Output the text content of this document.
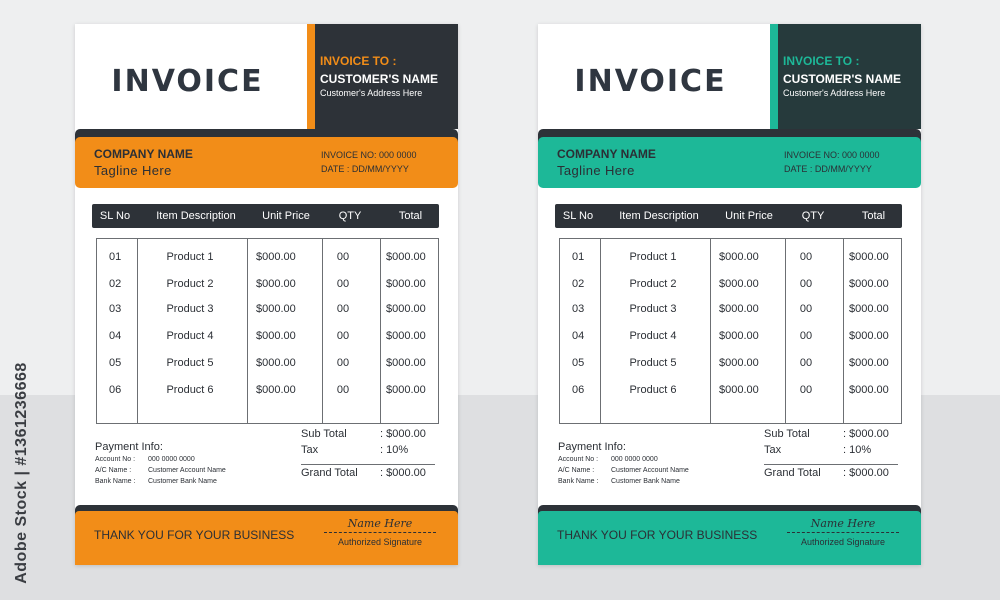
Adobe Stock | #1361236668
INVOICE
INVOICE TO :
CUSTOMER'S NAME
Customer's Address Here
COMPANY NAME
Tagline Here
INVOICE NO: 000 0000
DATE : DD/MM/YYYY
SL No	Item Description	Unit Price	QTY	Total
01	Product 1	$000.00	00	$000.00
02	Product 2	$000.00	00	$000.00
03	Product 3	$000.00	00	$000.00
04	Product 4	$000.00	00	$000.00
05	Product 5	$000.00	00	$000.00
06	Product 6	$000.00	00	$000.00
Payment Info:
Account No : 000 0000 0000
A/C Name : Customer Account Name
Bank Name : Customer Bank Name
Sub Total	: $000.00
Tax	: 10%
Grand Total : $000.00
THANK YOU FOR YOUR BUSINESS
Name Here
Authorized Signature
INVOICE
INVOICE TO :
CUSTOMER'S NAME
Customer's Address Here
COMPANY NAME
Tagline Here
INVOICE NO: 000 0000
DATE : DD/MM/YYYY
SL No	Item Description	Unit Price	QTY	Total
01	Product 1	$000.00	00	$000.00
02	Product 2	$000.00	00	$000.00
03	Product 3	$000.00	00	$000.00
04	Product 4	$000.00	00	$000.00
05	Product 5	$000.00	00	$000.00
06	Product 6	$000.00	00	$000.00
Payment Info:
Account No : 000 0000 0000
A/C Name : Customer Account Name
Bank Name : Customer Bank Name
Sub Total	: $000.00
Tax	: 10%
Grand Total : $000.00
THANK YOU FOR YOUR BUSINESS
Name Here
Authorized Signature
